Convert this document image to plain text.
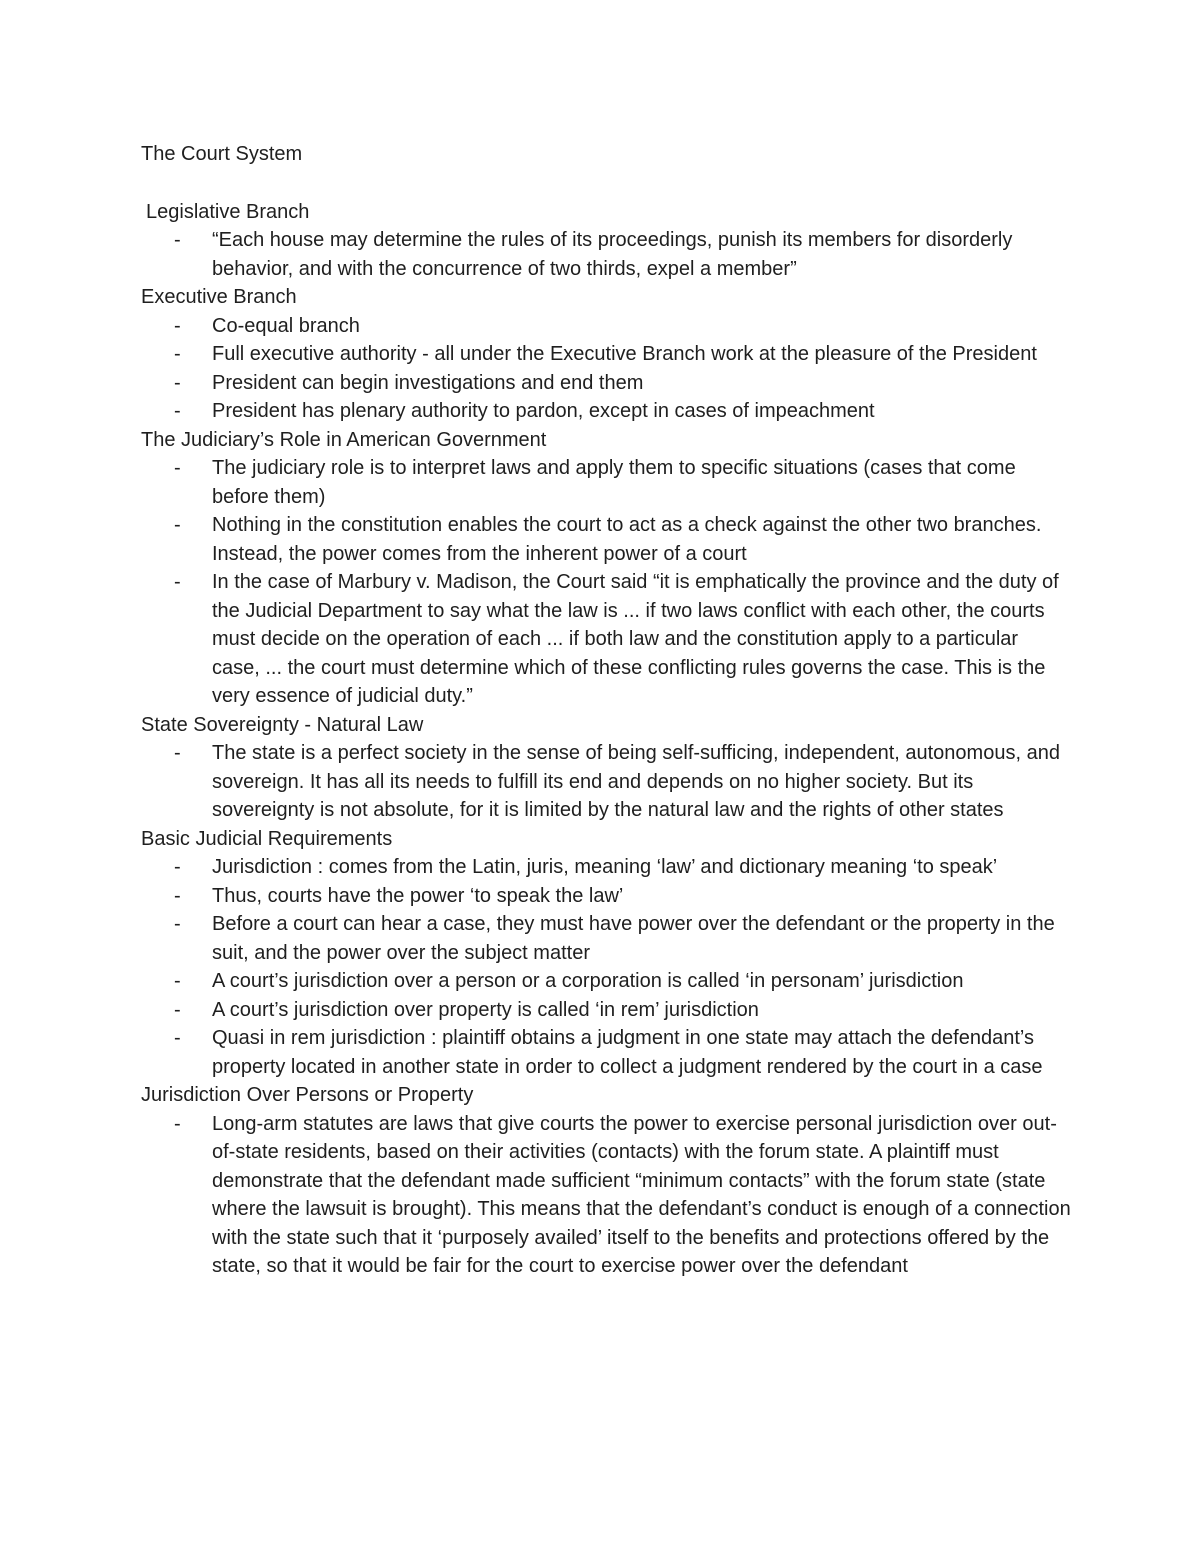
The Court System
Legislative Branch
- “Each house may determine the rules of its proceedings, punish its members for disorderly behavior, and with the concurrence of two thirds, expel a member”
Executive Branch
- Co-equal branch
- Full executive authority - all under the Executive Branch work at the pleasure of the President
- President can begin investigations and end them
- President has plenary authority to pardon, except in cases of impeachment
The Judiciary’s Role in American Government
- The judiciary role is to interpret laws and apply them to specific situations (cases that come before them)
- Nothing in the constitution enables the court to act as a check against the other two branches. Instead, the power comes from the inherent power of a court
- In the case of Marbury v. Madison, the Court said “it is emphatically the province and the duty of the Judicial Department to say what the law is ... if two laws conflict with each other, the courts must decide on the operation of each ... if both law and the constitution apply to a particular case, ... the court must determine which of these conflicting rules governs the case. This is the very essence of judicial duty.”
State Sovereignty - Natural Law
- The state is a perfect society in the sense of being self-sufficing, independent, autonomous, and sovereign. It has all its needs to fulfill its end and depends on no higher society. But its sovereignty is not absolute, for it is limited by the natural law and the rights of other states
Basic Judicial Requirements
- Jurisdiction : comes from the Latin, juris, meaning ‘law’ and dictionary meaning ‘to speak’
- Thus, courts have the power ‘to speak the law’
- Before a court can hear a case, they must have power over the defendant or the property in the suit, and the power over the subject matter
- A court’s jurisdiction over a person or a corporation is called ‘in personam’ jurisdiction
- A court’s jurisdiction over property is called ‘in rem’ jurisdiction
- Quasi in rem jurisdiction : plaintiff obtains a judgment in one state may attach the defendant’s property located in another state in order to collect a judgment rendered by the court in a case
Jurisdiction Over Persons or Property
- Long-arm statutes are laws that give courts the power to exercise personal jurisdiction over out-of-state residents, based on their activities (contacts) with the forum state. A plaintiff must demonstrate that the defendant made sufficient “minimum contacts” with the forum state (state where the lawsuit is brought). This means that the defendant’s conduct is enough of a connection with the state such that it ‘purposely availed’ itself to the benefits and protections offered by the state, so that it would be fair for the court to exercise power over the defendant
